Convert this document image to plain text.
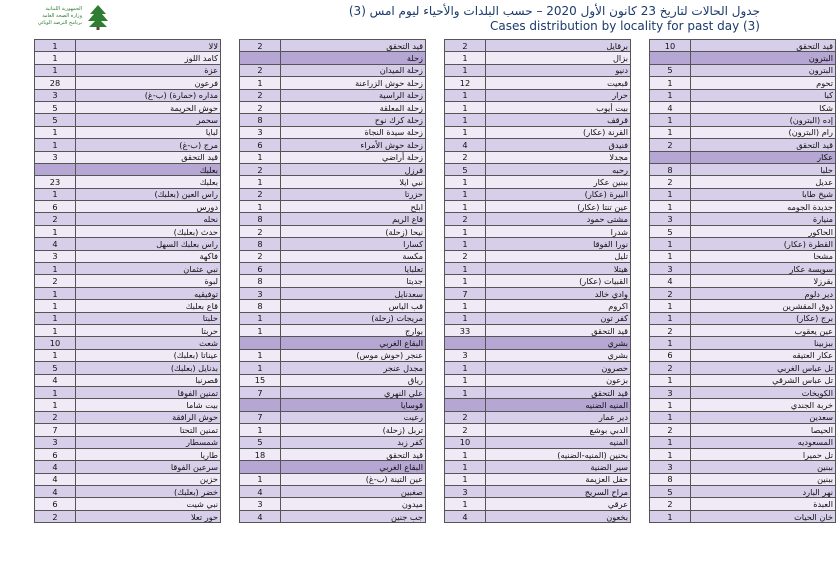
الجمهورية اللبنانية
وزارة الصحة العامة
برنامج الترصد الوبائي
جدول الحالات لتاريخ 23 كانون الأول 2020 – حسب البلدات والأحياء ليوم امس (3)
Cases distribution by locality for past day (3)
قيد التحقق	10		برقايل	2		قيد التحقق	2		لالا	1
البترون			بزال	1		زحلة			كامد اللوز	1
البترون	5		دنيو	1		زحلة الميدان	2		عزة	1
تحوم	1		قبعيت	12		زحلة حوش الزراعنة	1		فرعون	28
كبا	1		حرار	1		زحلة الراسية	2		مداره (حمارة) (ب-غ)	3
شكا	4		بيت أيوب	1		زحلة المعلقة	2		حوش الحريمة	5
إده (البترون)	1		قرقف	1		زحلة كرك نوح	8		سحمر	5
رام (البترون)	1		القرنة (عكار)	1		زحلة سيدة النجاة	3		لبايا	1
قيد التحقق	2		فنيدق	4		زحلة حوش الأمراء	6		مرج (ب-غ)	1
عكار			مجدلا	2		زحلة أراضي	1		قيد التحقق	3
حلبا	8		رحبه	5		فرزل	2		بعلبك	
عديل	2		ببنين عكار	1		نبي ايلا	1		بعلبك	23
شيخ طابا	1		البيرة (عكار)	1		حزرتا	2		راس العين (بعلبك)	1
جديدة الجومه	1		عين تنتا (عكار)	1		ابلح	1		دورس	6
منيارة	3		مشتى حمود	2		قاع الريم	8		نحله	2
الحاكور	5		شدرا	1		نيحا (زحلة)	2		حدث (بعلبك)	1
القطرة (عكار)	1		نورا الفوقا	1		كسارا	8		راس بعلبك السهل	4
مشحا	1		تليل	2		مكسة	2		فاكهة	3
سويسة عكار	3		هيتلا	1		تعلبايا	6		نبي عثمان	1
بقرزلا	4		القبيات (عكار)	1		جديتا	8		لبوة	2
دير دلوم	2		وادي خالد	7		سعدنايل	3		توفيقيه	1
ذوق المقشرين	1		اكروم	1		قب الياس	8		قاع بعلبك	1
برج (عكار)	1		كفر تون	1		مريجات (زحلة)	1		حلبتا	1
عين يعقوب	2		قيد التحقق	33		بوارج	1		حربتا	1
ببزبينا	1		بشري			البقاع الغربي			شعث	10
عكار العتيقه	6		بشري	3		عنجر (حوش موس)	1		عيناتا (بعلبك)	1
تل عباس الغربي	2		حصرون	1		مجدل عنجر	1		بدنايل (بعلبك)	5
تل عباس الشرقي	1		بزعون	1		رياق	15		قصرنبا	4
الكويخات	3		قيد التحقق	1		علي النهري	7		تمنين الفوقا	1
خربة الجندي	1		المنيه الضنيه			قوسايا			بيت شاما	1
سعدين	1		دير عمار	2		رعيت	7		حوش الرافقة	2
الحيصا	2		الدبي بوشع	2		تربل (زحلة)	1		تمنين التحتا	7
المسعوديه	1		المنيه	10		كفر زبد	5		شمسطار	3
تل حميرا	1		بحنين (المنيه-الضنيه)	1		قيد التحقق	18		طاريا	6
ببنين	3		سير الضنية	1		البقاع الغربي			سرعين الفوقا	4
ببنين	8		حقل العزيمة	1		عين التينة (ب-غ)	1		حزين	4
نهر البارد	5		مراح السريج	3		صغبين	4		خضر (بعلبك)	4
العبدة	2		عرقي	1		ميدون	3		نبي شيت	6
خان الحيات	1		بخعون	4		جب جنين	4		حور تعلا	2
